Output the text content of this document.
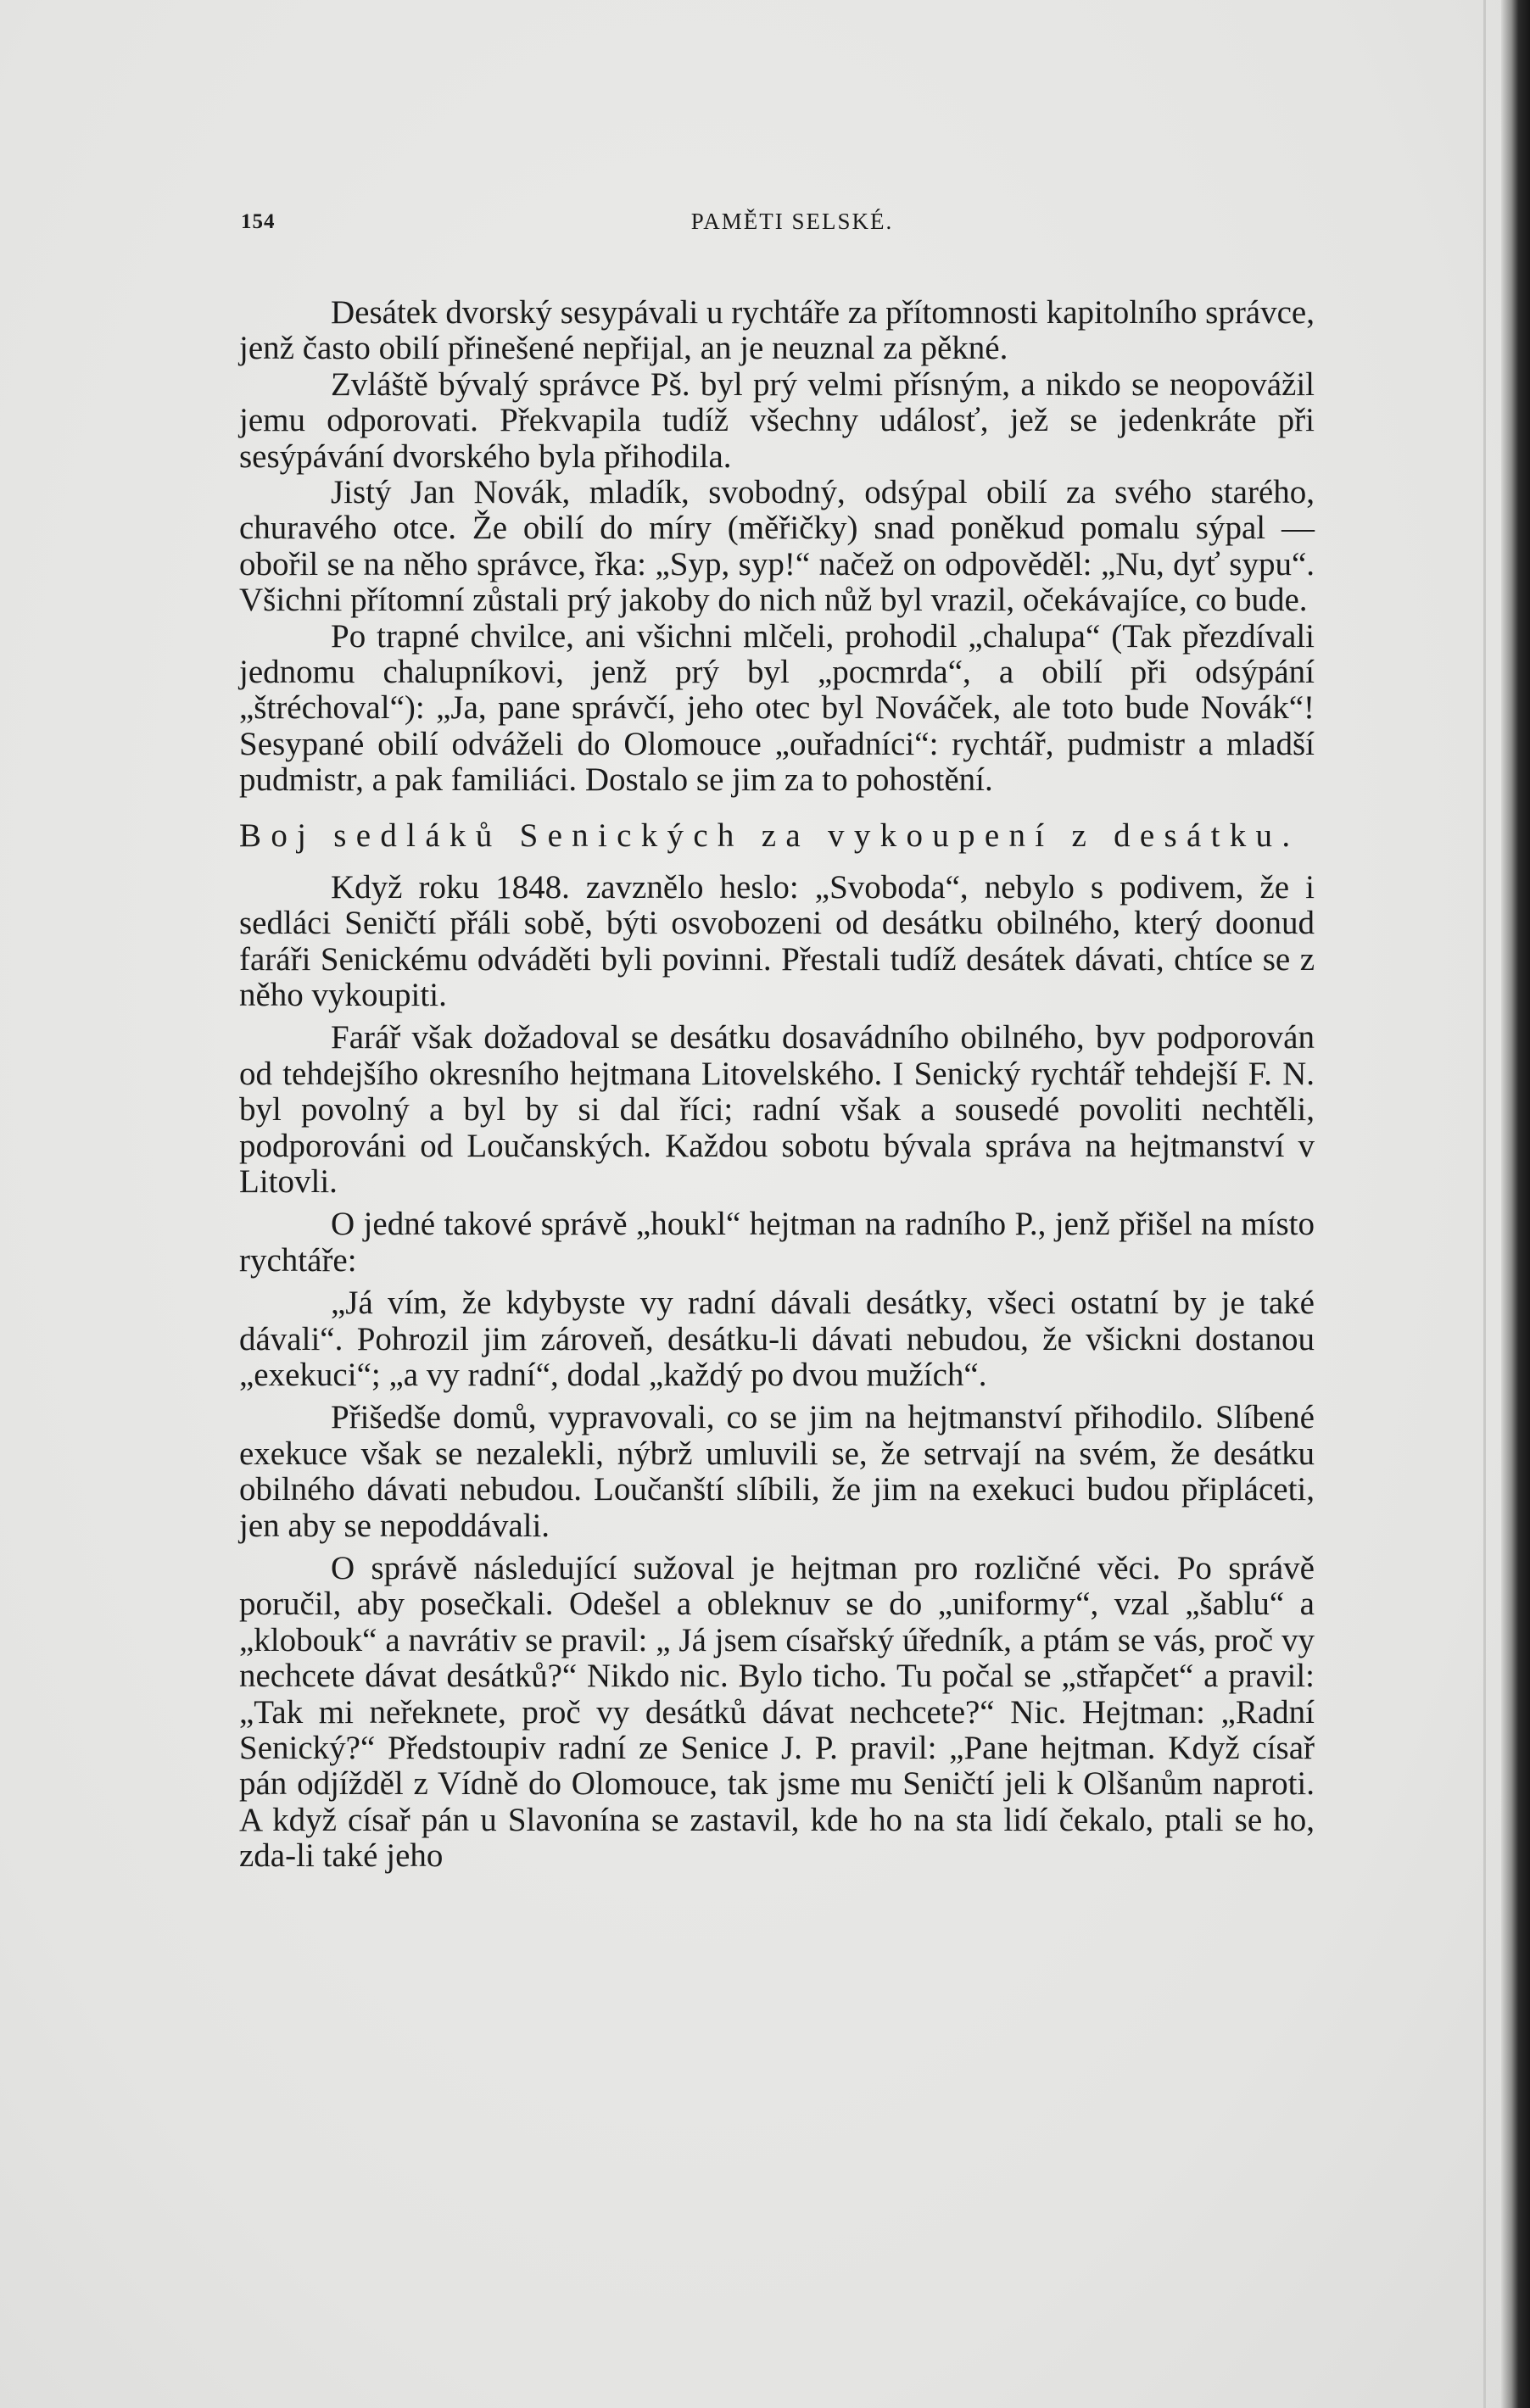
154	PAMĚTI SELSKÉ.

Desátek dvorský sesypávali u rychtáře za přítomnosti kapitolního správce, jenž často obilí přinešené nepřijal, an je neuznal za pěkné.

Zvláště bývalý správce Pš. byl prý velmi přísným, a nikdo se neopovážil jemu odporovati. Překvapila tudíž všechny událosť, jež se jedenkráte při sesýpávání dvorského byla přihodila.

Jistý Jan Novák, mladík, svobodný, odsýpal obilí za svého starého, churavého otce. Že obilí do míry (měřičky) snad poněkud pomalu sýpal — obořil se na něho správce, řka: „Syp, syp!“ načež on odpověděl: „Nu, dyť sypu“. Všichni přítomní zůstali prý jakoby do nich nůž byl vrazil, očekávajíce, co bude.

Po trapné chvilce, ani všichni mlčeli, prohodil „chalupa“ (Tak přezdívali jednomu chalupníkovi, jenž prý byl „pocmrda“, a obilí při odsýpání „štréchoval“): „Ja, pane správčí, jeho otec byl Nováček, ale toto bude Novák“! Sesypané obilí odváželi do Olomouce „ouřadníci“: rychtář, pudmistr a mladší pudmistr, a pak familiáci. Dostalo se jim za to pohostění.

Boj sedláků Senických za vykoupení z desátku.

Když roku 1848. zavznělo heslo: „Svoboda“, nebylo s podivem, že i sedláci Seničtí přáli sobě, býti osvobozeni od desátku obilného, který doonud faráři Senickému odváděti byli povinni. Přestali tudíž desátek dávati, chtíce se z něho vykoupiti.

Farář však dožadoval se desátku dosavádního obilného, byv podporován od tehdejšího okresního hejtmana Litovelského. I Senický rychtář tehdejší F. N. byl povolný a byl by si dal říci; radní však a sousedé povoliti nechtěli, podporováni od Loučanských. Každou sobotu bývala správa na hejtmanství v Litovli.

O jedné takové správě „houkl“ hejtman na radního P., jenž přišel na místo rychtáře:

„Já vím, že kdybyste vy radní dávali desátky, všeci ostatní by je také dávali“. Pohrozil jim zároveň, desátku-li dávati nebudou, že všickni dostanou „exekuci“; „a vy radní“, dodal „každý po dvou mužích“.

Přišedše domů, vypravovali, co se jim na hejtmanství přihodilo. Slíbené exekuce však se nezalekli, nýbrž umluvili se, že setrvají na svém, že desátku obilného dávati nebudou. Loučanští slíbili, že jim na exekuci budou připláceti, jen aby se nepoddávali.

O správě následující sužoval je hejtman pro rozličné věci. Po správě poručil, aby posečkali. Odešel a obleknuv se do „uniformy“, vzal „šablu“ a „klobouk“ a navrátiv se pravil: „ Já jsem císařský úředník, a ptám se vás, proč vy nechcete dávat desátků?“ Nikdo nic. Bylo ticho. Tu počal se „střapčet“ a pravil: „Tak mi neřeknete, proč vy desátků dávat nechcete?“ Nic. Hejtman: „Radní Senický?“ Předstoupiv radní ze Senice J. P. pravil: „Pane hejtman. Když císař pán odjížděl z Vídně do Olomouce, tak jsme mu Seničtí jeli k Olšanům naproti. A když císař pán u Slavonína se zastavil, kde ho na sta lidí čekalo, ptali se ho, zda-li také jeho
